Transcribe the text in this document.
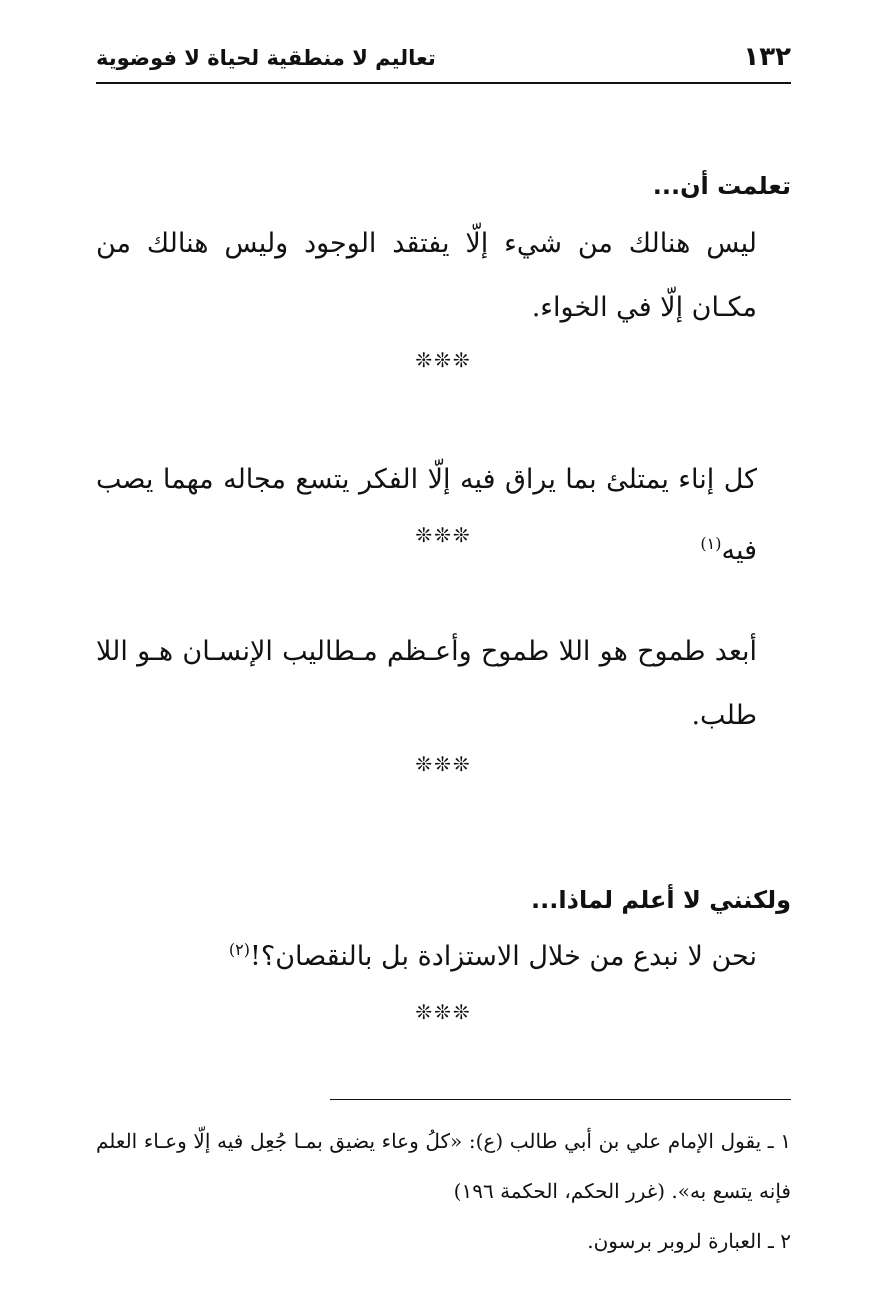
١٣٢
تعاليم لا منطقية لحياة لا فوضوية
تعلمت أن...
ليس هنالك من شيء إلّا يفتقد الوجود وليس هنالك من مكـان إلّا في الخواء.
❊❊❊
كل إناء يمتلئ بما يراق فيه إلّا الفكر يتسع مجاله مهما يصب فيه$^{(١)}$
❊❊❊
أبعد طموح هو اللا طموح وأعـظم مـطاليب الإنسـان هـو اللا طلب.
❊❊❊
ولكنني لا أعلم لماذا...
نحن لا نبدع من خلال الاستزادة بل بالنقصان؟!$^{(٢)}$
❊❊❊
١ ـ يقول الإمام علي بن أبي طالب (ع): «كلُ وعاء يضيق بمـا جُعِل فيه إلّا وعـاء العلم فإنه يتسع به». (غرر الحكم، الحكمة ١٩٦)
٢ ـ العبارة لروبر برسون.
